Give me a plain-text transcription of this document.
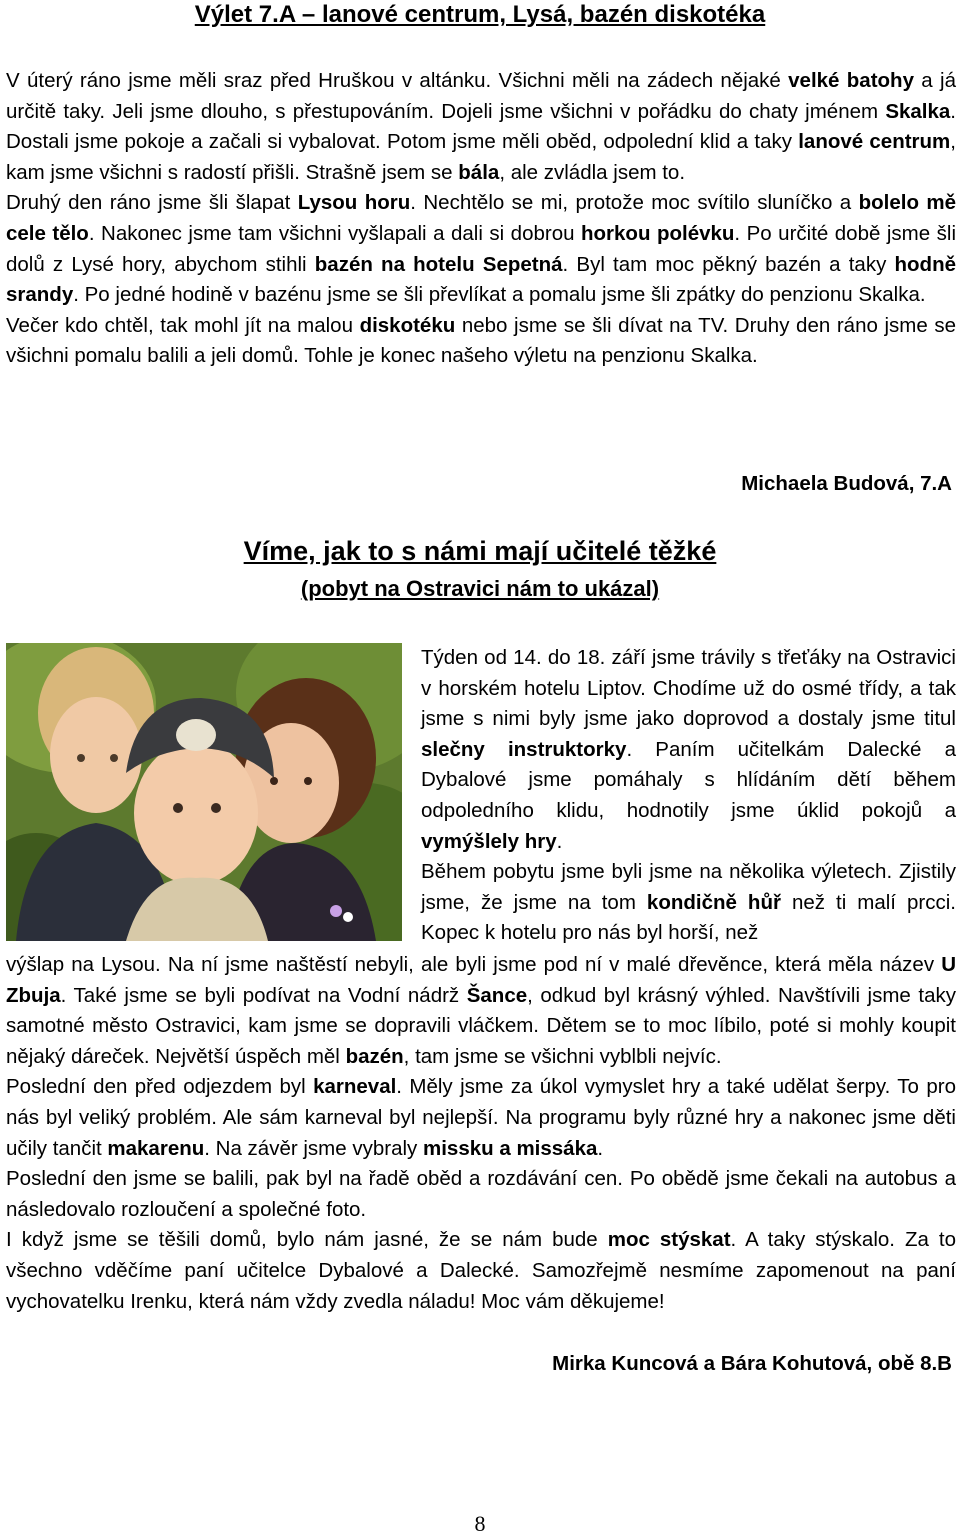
Výlet 7.A – lanové centrum, Lysá, bazén diskotéka

V úterý ráno jsme měli sraz před Hruškou v altánku. Všichni měli na zádech nějaké velké batohy a já určitě taky. Jeli jsme dlouho, s přestupováním. Dojeli jsme všichni v pořádku do chaty jménem Skalka. Dostali jsme pokoje a začali si vybalovat. Potom jsme měli oběd, odpolední klid a taky lanové centrum, kam jsme všichni s radostí přišli. Strašně jsem se bála, ale zvládla jsem to.

Druhý den ráno jsme šli šlapat Lysou horu. Nechtělo se mi, protože moc svítilo sluníčko a bolelo mě cele tělo. Nakonec jsme tam všichni vyšlapali a dali si dobrou horkou polévku. Po určité době jsme šli dolů z Lysé hory, abychom stihli bazén na hotelu Sepetná. Byl tam moc pěkný bazén a taky hodně srandy. Po jedné hodině v bazénu jsme se šli převlíkat a pomalu jsme šli zpátky do penzionu Skalka.

Večer kdo chtěl, tak mohl jít na malou diskotéku nebo jsme se šli dívat na TV. Druhy den ráno jsme se všichni pomalu balili a jeli domů. Tohle je konec našeho výletu na penzionu Skalka.

Michaela Budová, 7.A
Víme, jak to s námi mají učitelé těžké
(pobyt na Ostravici nám to ukázal)

Týden od 14. do 18. září jsme trávily s třeťáky na Ostravici v horském hotelu Liptov. Chodíme už do osmé třídy, a tak jsme s nimi byly jsme jako doprovod a dostaly jsme titul slečny instruktorky. Paním učitelkám Dalecké a Dybalové jsme pomáhaly s hlídáním dětí během odpoledního klidu, hodnotily jsme úklid pokojů a vymýšlely hry.

Během pobytu jsme byli jsme na několika výletech. Zjistily jsme, že jsme na tom kondičně hůř než ti malí prcci. Kopec k hotelu pro nás byl horší, než

výšlap na Lysou. Na ní jsme naštěstí nebyli, ale byli jsme pod ní v malé dřevěnce, která měla název U Zbuja. Také jsme se byli podívat na Vodní nádrž Šance, odkud byl krásný výhled. Navštívili jsme taky samotné město Ostravici, kam jsme se dopravili vláčkem. Dětem se to moc líbilo, poté si mohly koupit nějaký dáreček. Největší úspěch měl bazén, tam jsme se všichni vyblbli nejvíc.

Poslední den před odjezdem byl karneval. Měly jsme za úkol vymyslet hry a také udělat šerpy. To pro nás byl veliký problém. Ale sám karneval byl nejlepší. Na programu byly různé hry a nakonec jsme děti učily tančit makarenu. Na závěr jsme vybraly missku a missáka.

Poslední den jsme se balili, pak byl na řadě oběd a rozdávání cen. Po obědě jsme čekali na autobus a následovalo rozloučení a společné foto.

I když jsme se těšili domů, bylo nám jasné, že se nám bude moc stýskat. A taky stýskalo. Za to všechno vděčíme paní učitelce Dybalové a Dalecké. Samozřejmě nesmíme zapomenout na paní vychovatelku Irenku, která nám vždy zvedla náladu! Moc vám děkujeme!

Mirka Kuncová a Bára Kohutová, obě 8.B
8
